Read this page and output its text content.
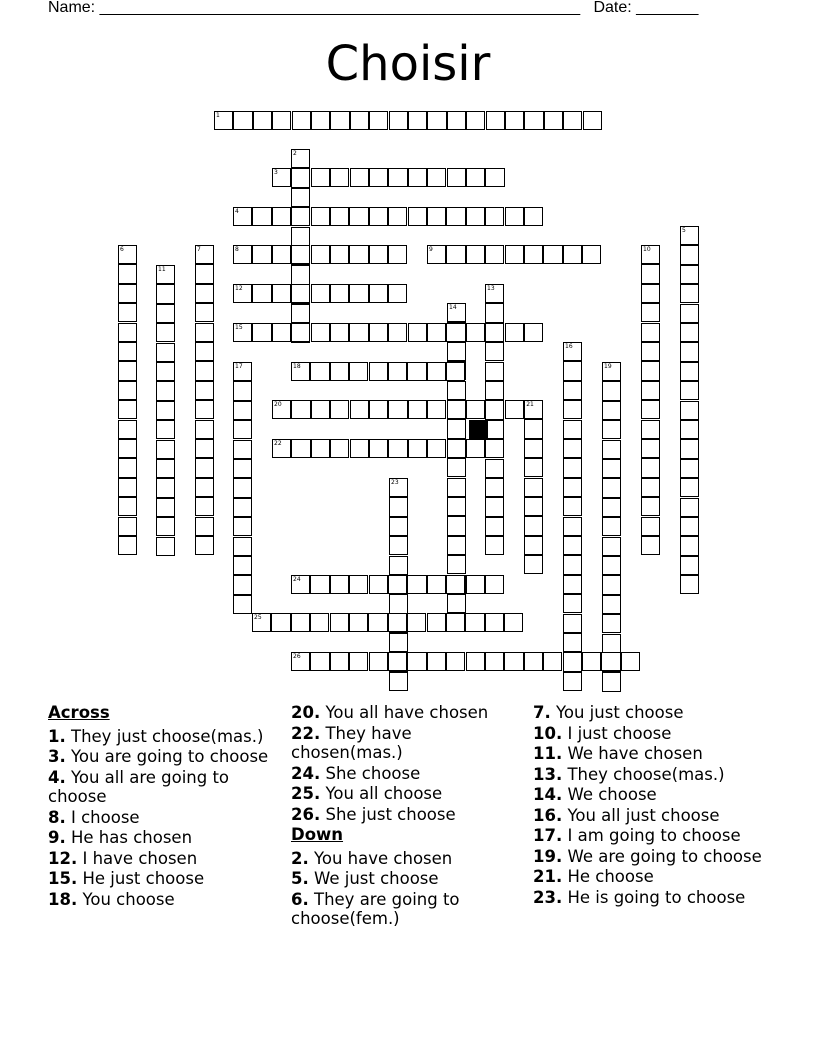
Name: ______________________________________________________ Date: _______
Choisir
1
2
3
4
5
6	7	8	9	10
11
12	13
14
15
16
17	18	19
20	21
22
23
24
25
26
Across
1. They just choose(mas.)
3. You are going to choose
4. You all are going to choose
8. I choose
9. He has chosen
12. I have chosen
15. He just choose
18. You choose
20. You all have chosen
22. They have chosen(mas.)
24. She choose
25. You all choose
26. She just choose
Down
2. You have chosen
5. We just choose
6. They are going to choose(fem.)
7. You just choose
10. I just choose
11. We have chosen
13. They choose(mas.)
14. We choose
16. You all just choose
17. I am going to choose
19. We are going to choose
21. He choose
23. He is going to choose
